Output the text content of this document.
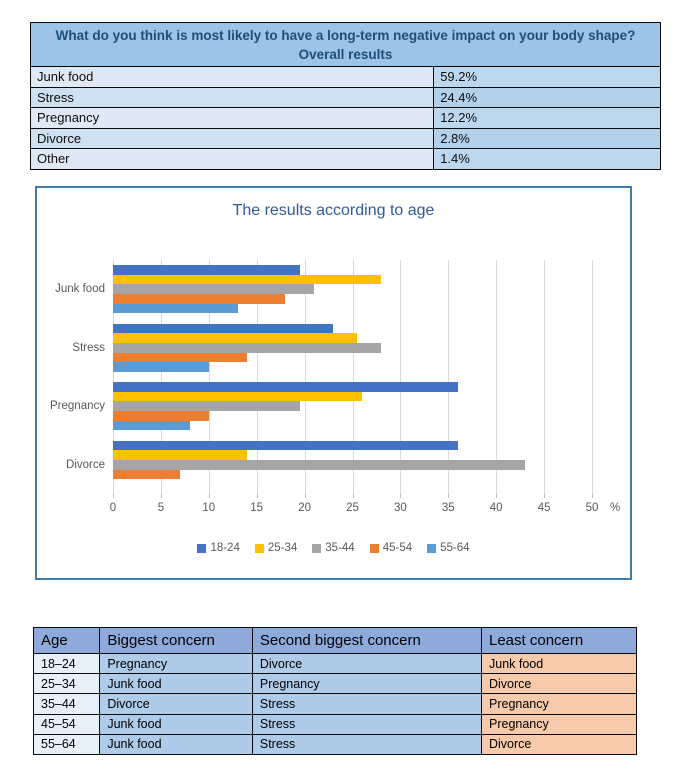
What do you think is most likely to have a long-term negative impact on your body shape?
Overall results	

Junk food	59.2%
Stress	24.4%
Pregnancy	12.2%
Divorce	2.8%
Other	1.4%
The results according to age
18-24 25-34 35-44 45-54 55-64
Junk food
Stress
Pregnancy
Divorce
0	5	10	15	20	25	30	35	40	45	50 %
Age	Biggest concern	Second biggest concern	Least concern
18–24	Pregnancy	Divorce	Junk food
25–34	Junk food	Pregnancy	Divorce
35–44	Divorce	Stress	Pregnancy
45–54	Junk food	Stress	Pregnancy
55–64	Junk food	Stress	Divorce
